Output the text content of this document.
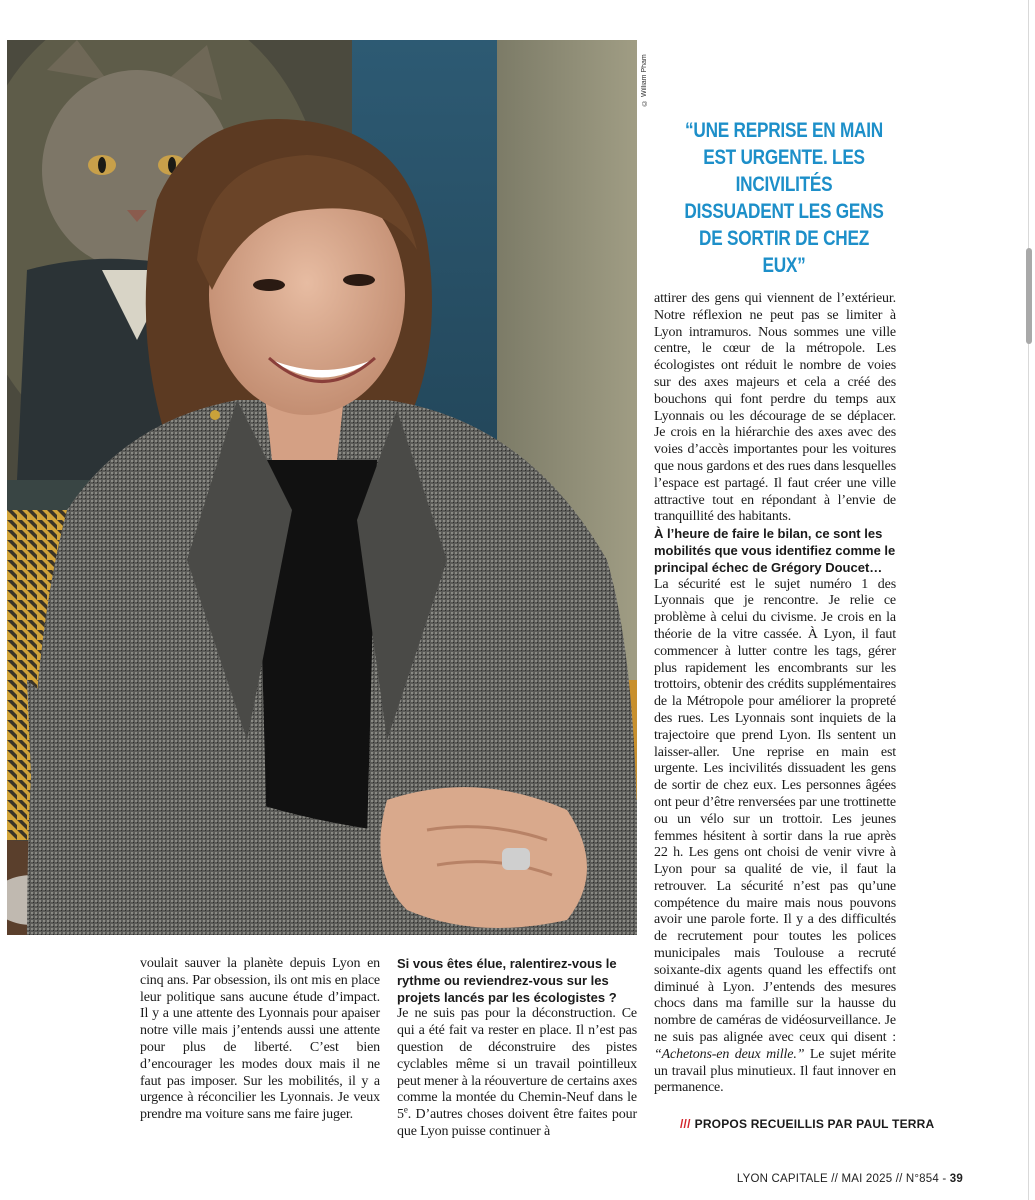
© William Pham
“UNE REPRISE EN MAIN EST URGENTE. LES INCIVILITÉS DISSUADENT LES GENS DE SORTIR DE CHEZ EUX”

attirer des gens qui viennent de l’extérieur. Notre réflexion ne peut pas se limiter à Lyon intramuros. Nous sommes une ville centre, le cœur de la métropole. Les écologistes ont réduit le nombre de voies sur des axes majeurs et cela a créé des bouchons qui font perdre du temps aux Lyonnais ou les décourage de se déplacer. Je crois en la hiérarchie des axes avec des voies d’accès importantes pour les voitures que nous gardons et des rues dans lesquelles l’espace est partagé. Il faut créer une ville attractive tout en répondant à l’envie de tranquillité des habitants.

À l’heure de faire le bilan, ce sont les mobilités que vous identifiez comme le principal échec de Grégory Doucet…

La sécurité est le sujet numéro 1 des Lyonnais que je rencontre. Je relie ce problème à celui du civisme. Je crois en la théorie de la vitre cassée. À Lyon, il faut commencer à lutter contre les tags, gérer plus rapidement les encombrants sur les trottoirs, obtenir des crédits supplémentaires de la Métropole pour améliorer la propreté des rues. Les Lyonnais sont inquiets de la trajectoire que prend Lyon. Ils sentent un laisser-aller. Une reprise en main est urgente. Les incivilités dissuadent les gens de sortir de chez eux. Les personnes âgées ont peur d’être renversées par une trottinette ou un vélo sur un trottoir. Les jeunes femmes hésitent à sortir dans la rue après 22 h. Les gens ont choisi de venir vivre à Lyon pour sa qualité de vie, il faut la retrouver. La sécurité n’est pas qu’une compétence du maire mais nous pouvons avoir une parole forte. Il y a des difficultés de recrutement pour toutes les polices municipales mais Toulouse a recruté soixante-dix agents quand les effectifs ont diminué à Lyon. J’entends des mesures chocs dans ma famille sur la hausse du nombre de caméras de vidéosurveillance. Je ne suis pas alignée avec ceux qui disent : “Achetons-en deux mille.” Le sujet mérite un travail plus minutieux. Il faut innover en permanence.

voulait sauver la planète depuis Lyon en cinq ans. Par obsession, ils ont mis en place leur politique sans aucune étude d’impact. Il y a une attente des Lyonnais pour apaiser notre ville mais j’entends aussi une attente pour plus de liberté. C’est bien d’encourager les modes doux mais il ne faut pas imposer. Sur les mobilités, il y a urgence à réconcilier les Lyonnais. Je veux prendre ma voiture sans me faire juger.

Si vous êtes élue, ralentirez-vous le rythme ou reviendrez-vous sur les projets lancés par les écologistes ?

Je ne suis pas pour la déconstruction. Ce qui a été fait va rester en place. Il n’est pas question de déconstruire des pistes cyclables même si un travail pointilleux peut mener à la réouverture de certains axes comme la montée du Chemin-Neuf dans le 5e. D’autres choses doivent être faites pour que Lyon puisse continuer à	/// PROPOS RECUEILLIS PAR PAUL TERRA
LYON CAPITALE // MAI 2025 // N°854 - 39
